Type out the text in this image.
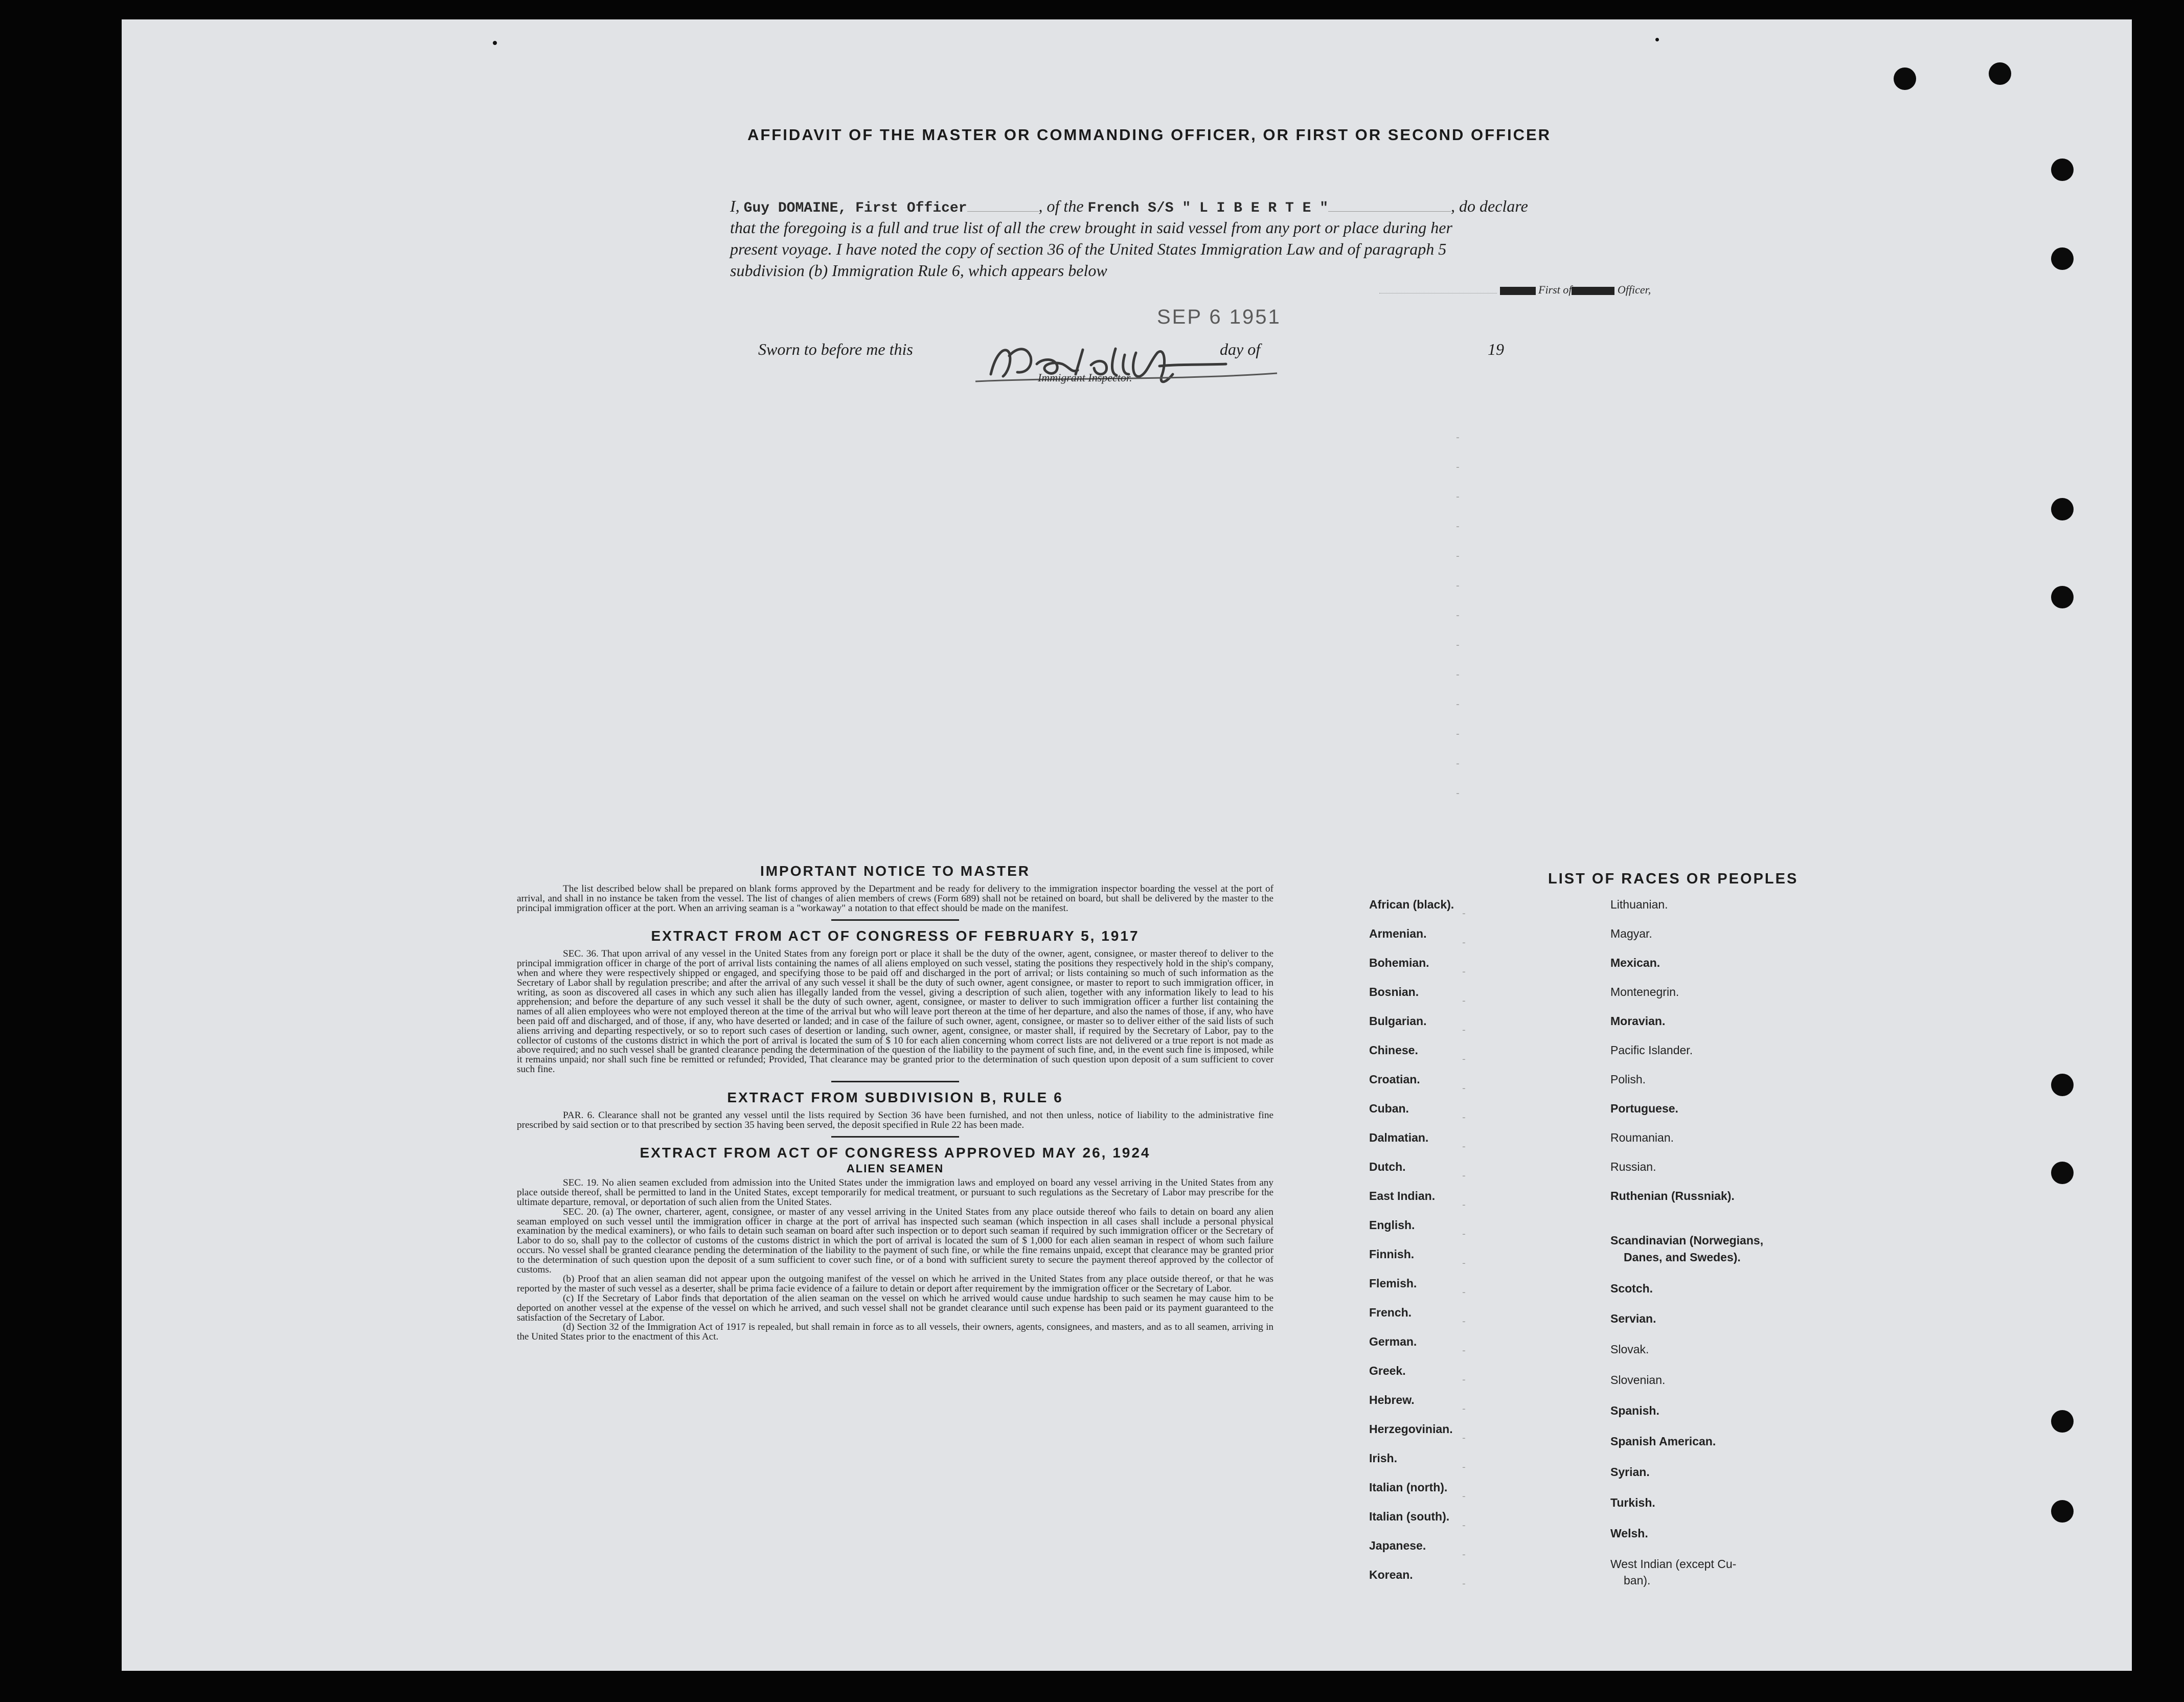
AFFIDAVIT OF THE MASTER OR COMMANDING OFFICER, OR FIRST OR SECOND OFFICER
I, Guy DOMAINE, First Officer	, of the French S/S " L I B E R T E "	, do declare
that the foregoing is a full and true list of all the crew brought in said vessel from any port or place during her
present voyage. I have noted the copy of section 36 of the United States Immigration Law and of paragraph 5
subdivision (b) Immigration Rule 6, which appears below
First of	Officer,
SEP 6 1951
Sworn to before me this	day of	19
Immigrant Inspector.
-
-
-
-
-
-
-
-
-
-
-
-
-
IMPORTANT NOTICE TO MASTER

The list described below shall be prepared on blank forms approved by the Department and be ready for delivery to the immigration inspector boarding the vessel at the port of arrival, and shall in no instance be taken from the vessel. The list of changes of alien members of crews (Form 689) shall not be retained on board, but shall be delivered by the master to the principal immigration officer at the port. When an arriving seaman is a "workaway" a notation to that effect should be made on the manifest.

EXTRACT FROM ACT OF CONGRESS OF FEBRUARY 5, 1917

SEC. 36. That upon arrival of any vessel in the United States from any foreign port or place it shall be the duty of the owner, agent, consignee, or master thereof to deliver to the principal immigration officer in charge of the port of arrival lists containing the names of all aliens employed on such vessel, stating the positions they respectively hold in the ship's company, when and where they were respectively shipped or engaged, and specifying those to be paid off and discharged in the port of arrival; or lists containing so much of such information as the Secretary of Labor shall by regulation prescribe; and after the arrival of any such vessel it shall be the duty of such owner, agent consignee, or master to report to such immigration officer, in writing, as soon as discovered all cases in which any such alien has illegally landed from the vessel, giving a description of such alien, together with any information likely to lead to his apprehension; and before the departure of any such vessel it shall be the duty of such owner, agent, consignee, or master to deliver to such immigration officer a further list containing the names of all alien employees who were not employed thereon at the time of the arrival but who will leave port thereon at the time of her departure, and also the names of those, if any, who have been paid off and discharged, and of those, if any, who have deserted or landed; and in case of the failure of such owner, agent, consignee, or master so to deliver either of the said lists of such aliens arriving and departing respectively, or so to report such cases of desertion or landing, such owner, agent, consignee, or master shall, if required by the Secretary of Labor, pay to the collector of customs of the customs district in which the port of arrival is located the sum of $ 10 for each alien concerning whom correct lists are not delivered or a true report is not made as above required; and no such vessel shall be granted clearance pending the determination of the question of the liability to the payment of such fine, and, in the event such fine is imposed, while it remains unpaid; nor shall such fine be remitted or refunded; Provided, That clearance may be granted prior to the determination of such question upon deposit of a sum sufficient to cover such fine.

EXTRACT FROM SUBDIVISION B, RULE 6

PAR. 6. Clearance shall not be granted any vessel until the lists required by Section 36 have been furnished, and not then unless, notice of liability to the administrative fine prescribed by said section or to that prescribed by section 35 having been served, the deposit specified in Rule 22 has been made.

EXTRACT FROM ACT OF CONGRESS APPROVED MAY 26, 1924
ALIEN SEAMEN

SEC. 19. No alien seamen excluded from admission into the United States under the immigration laws and employed on board any vessel arriving in the United States from any place outside thereof, shall be permitted to land in the United States, except temporarily for medical treatment, or pursuant to such regulations as the Secretary of Labor may prescribe for the ultimate departure, removal, or deportation of such alien from the United States.

SEC. 20. (a) The owner, charterer, agent, consignee, or master of any vessel arriving in the United States from any place outside thereof who fails to detain on board any alien seaman employed on such vessel until the immigration officer in charge at the port of arrival has inspected such seaman (which inspection in all cases shall include a personal physical examination by the medical examiners), or who fails to detain such seaman on board after such inspection or to deport such seaman if required by such immigration officer or the Secretary of Labor to do so, shall pay to the collector of customs of the customs district in which the port of arrival is located the sum of $ 1,000 for each alien seaman in respect of whom such failure occurs. No vessel shall be granted clearance pending the determination of the liability to the payment of such fine, or while the fine remains unpaid, except that clearance may be granted prior to the determination of such question upon the deposit of a sum sufficient to cover such fine, or of a bond with sufficient surety to secure the payment thereof approved by the collector of customs.

(b) Proof that an alien seaman did not appear upon the outgoing manifest of the vessel on which he arrived in the United States from any place outside thereof, or that he was reported by the master of such vessel as a deserter, shall be prima facie evidence of a failure to detain or deport after requirement by the immigration officer or the Secretary of Labor.

(c) If the Secretary of Labor finds that deportation of the alien seaman on the vessel on which he arrived would cause undue hardship to such seamen he may cause him to be deported on another vessel at the expense of the vessel on which he arrived, and such vessel shall not be grandet clearance until such expense has been paid or its payment guaranteed to the satisfaction of the Secretary of Labor.

(d) Section 32 of the Immigration Act of 1917 is repealed, but shall remain in force as to all vessels, their owners, agents, consignees, and masters, and as to all seamen, arriving in the United States prior to the enactment of this Act.

LIST OF RACES OR PEOPLES
African (black).
Armenian.
Bohemian.
Bosnian.
Bulgarian.
Chinese.
Croatian.
Cuban.
Dalmatian.
Dutch.
East Indian.
English.
Finnish.
Flemish.
French.
German.
Greek.
Hebrew.
Herzegovinian.
Irish.
Italian (north).
Italian (south).
Japanese.
Korean.
-
-
-
-
-
-
-
-
-
-
-
-
-
-
-
-
-
-
-
-
-
-
-
-
Lithuanian.
Magyar.
Mexican.
Montenegrin.
Moravian.
Pacific Islander.
Polish.
Portuguese.
Roumanian.
Russian.
Ruthenian (Russniak).
Scandinavian (Norwegians,
Danes, and Swedes).
Scotch.
Servian.
Slovak.
Slovenian.
Spanish.
Spanish American.
Syrian.
Turkish.
Welsh.
West Indian (except Cu-
ban).
